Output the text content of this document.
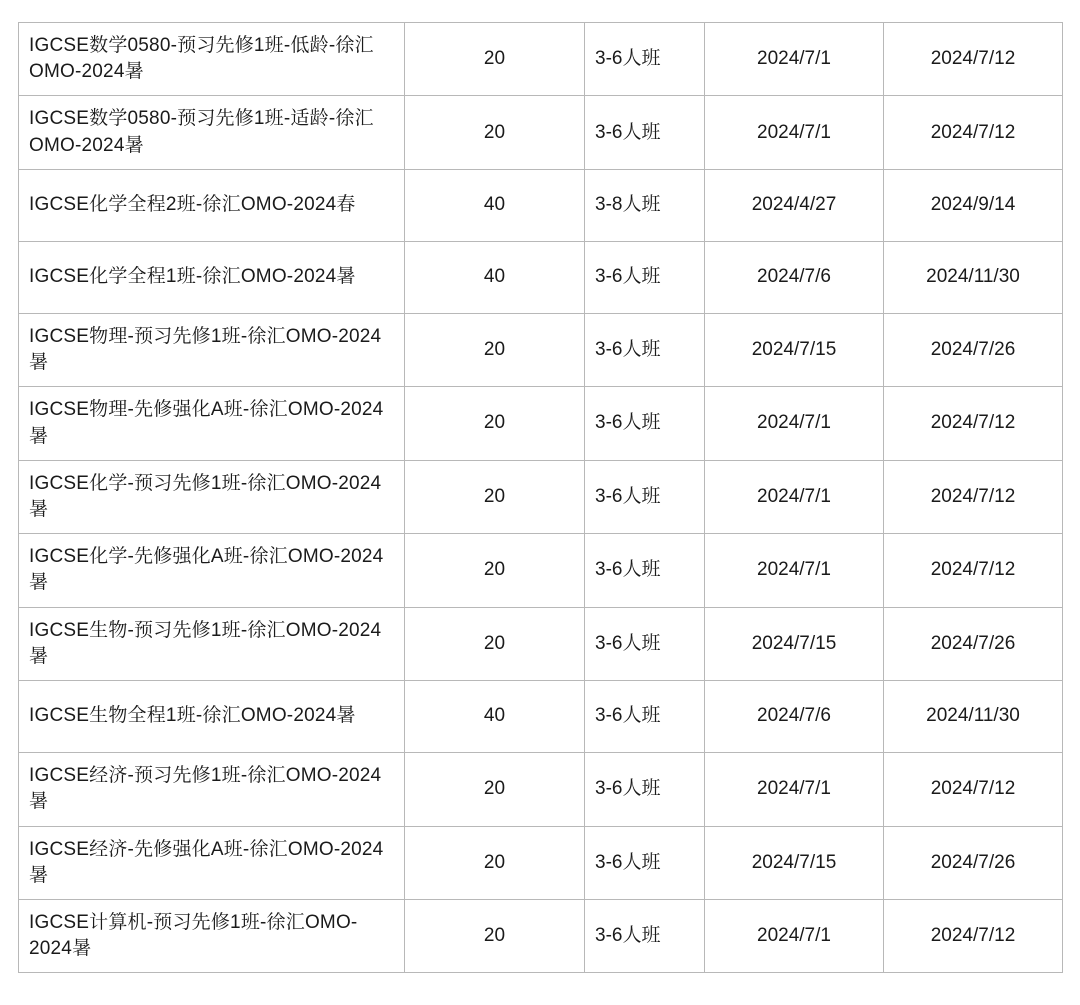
IGCSE数学0580-预习先修1班-低龄-徐汇OMO-2024暑	20	3-6人班	2024/7/1	2024/7/12
IGCSE数学0580-预习先修1班-适龄-徐汇OMO-2024暑	20	3-6人班	2024/7/1	2024/7/12
IGCSE化学全程2班-徐汇OMO-2024春	40	3-8人班	2024/4/27	2024/9/14
IGCSE化学全程1班-徐汇OMO-2024暑	40	3-6人班	2024/7/6	2024/11/30
IGCSE物理-预习先修1班-徐汇OMO-2024暑	20	3-6人班	2024/7/15	2024/7/26
IGCSE物理-先修强化A班-徐汇OMO-2024暑	20	3-6人班	2024/7/1	2024/7/12
IGCSE化学-预习先修1班-徐汇OMO-2024暑	20	3-6人班	2024/7/1	2024/7/12
IGCSE化学-先修强化A班-徐汇OMO-2024暑	20	3-6人班	2024/7/1	2024/7/12
IGCSE生物-预习先修1班-徐汇OMO-2024暑	20	3-6人班	2024/7/15	2024/7/26
IGCSE生物全程1班-徐汇OMO-2024暑	40	3-6人班	2024/7/6	2024/11/30
IGCSE经济-预习先修1班-徐汇OMO-2024暑	20	3-6人班	2024/7/1	2024/7/12
IGCSE经济-先修强化A班-徐汇OMO-2024暑	20	3-6人班	2024/7/15	2024/7/26
IGCSE计算机-预习先修1班-徐汇OMO-2024暑	20	3-6人班	2024/7/1	2024/7/12
